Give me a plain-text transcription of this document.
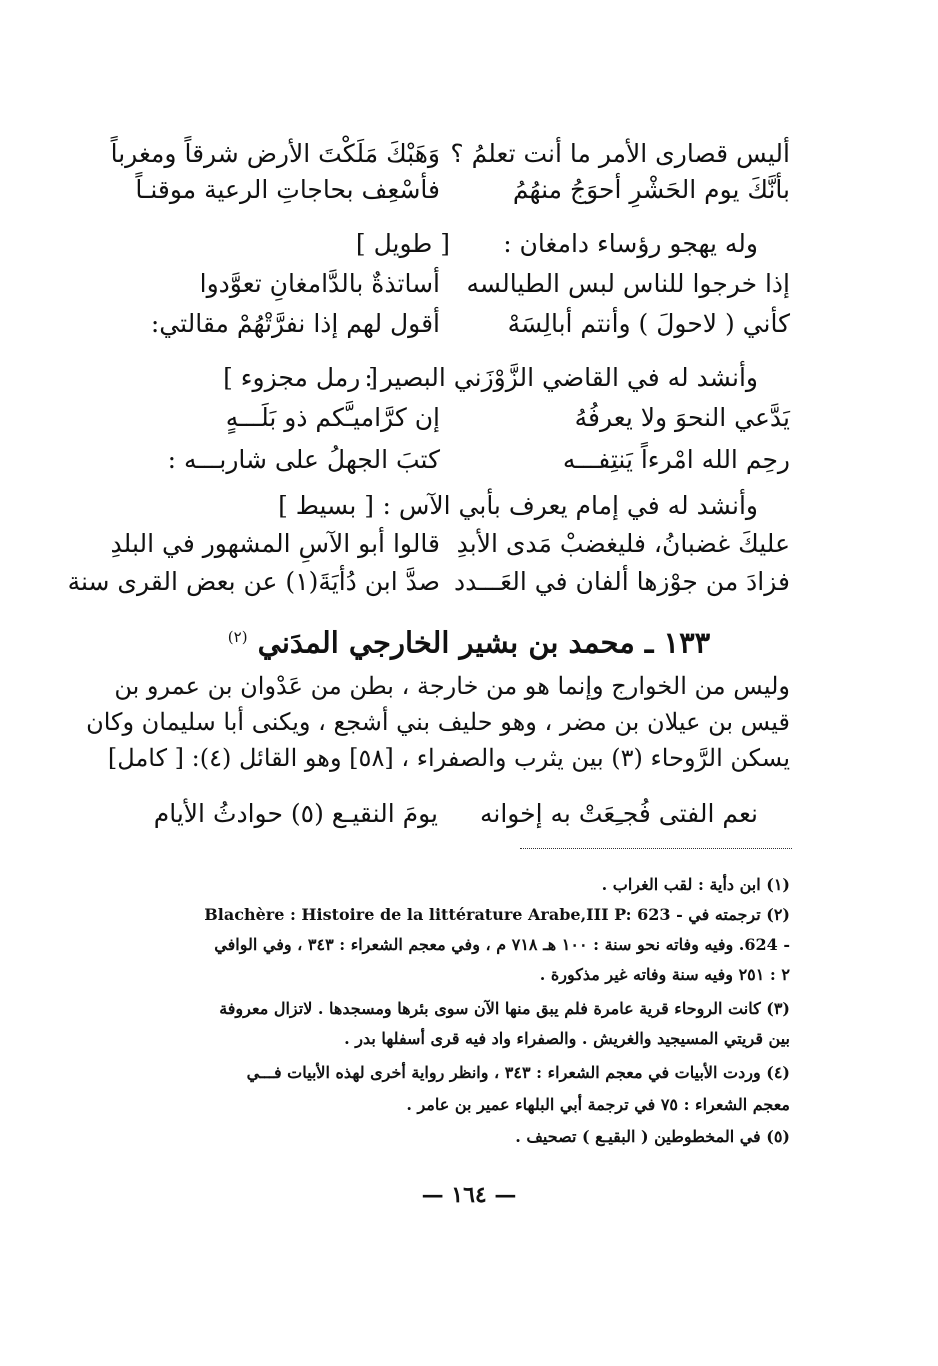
أليس قصارى الأمر ما أنت تعلمُ ؟
وَهَبْكَ مَلَكْتَ الأرض شرقاً ومغرباً
بأنَّكَ يوم الحَشْرِ أحوَجُ منهُمُ
فأسْعِف بحاجاتِ الرعية موقنـاً
وله يهجو رؤساء دامغان :
[ طويل ]
إذا خرجوا للناس لبس الطيالسه
أساتذةٌ بالدَّامغانِ تعوَّدوا
كأني ( لاحولَ ) وأنتم أبالِسَهْ
أقول لهم إذا نفرَّتْهُمْ مقالتي:
وأنشد له في القاضي الزَّوْزَني البصير :
[ رمل مجزوء ]
يَدَّعي النحوَ ولا يعرفُهُ
إن كرَّاميـَّكم ذو بَلَـــهٍ
رحِم الله امْرءاً يَنتِفـــه
كتبَ الجهلُ على شاربـــه :
وأنشد له في إمام يعرف بأبي الآس :
[ بسيط ]
عليكَ غضبانُ، فليغضبْ مَدى الأبدِ
قالوا أبو الآسِ المشهور في البلدِ
فزادَ من جوْزها ألفان في العَـــدد
صدَّ ابن دُأيَةَ(١) عن بعض القرى سنة
١٣٣ ـ محمد بن بشير الخارجي المدَني $^{(٢)}$
وليس من الخوارج وإنما هو من خارجة ، بطن من عَدْوان بن عمرو بن
قيس بن عيلان بن مضر ، وهو حليف بني أشجع ، ويكنى أبا سليمان وكان
يسكن الرَّوحاء (٣) بين يثرب والصفراء ، [٥٨] وهو القائل (٤): [ كامل]
نعم الفتى فُجـِعَتْ به إخوانه
يومَ النقيـع (٥) حوادثُ الأيام
(١) ابن دأية : لقب الغراب .
(٢) ترجمته في - Blachère : Histoire de la littérature Arabe,III P: 623
- 624. وفيه وفاته نحو سنة : ١٠٠ هـ ٧١٨ م ، وفي معجم الشعراء : ٣٤٣ ، وفي الوافي
٢ : ٢٥١ وفيه سنة وفاته غير مذكورة .
(٣) كانت الروحاء قرية عامرة فلم يبق منها الآن سوى بئرها ومسجدها . لاتزال معروفة
بين قريتي المسيجيد والغريش . والصفراء واد فيه قرى أسفلها بدر .
(٤) وردت الأبيات في معجم الشعراء : ٣٤٣ ، وانظر رواية أخرى لهذه الأبيات فـــي
معجم الشعراء : ٧٥ في ترجمة أبي البلهاء عمير بن عامر .
(٥) في المخطوطين ( البقيـع ) تصحيف .
— ١٦٤ —
